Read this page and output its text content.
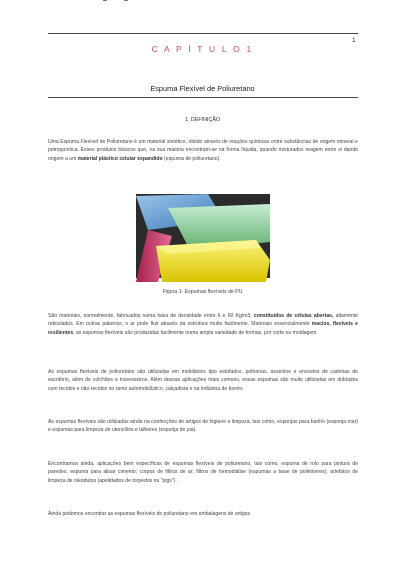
1
C A P Í T U L O 1
Espuma Flexível de Poliuretano
1. DEFINIÇÃO

Uma Espuma Flexível de Poliuretano é um material sintético, obtido através de reações químicas entre substâncias de origem mineral e petroquímica. Esses produtos básicos que, na sua maioria encontram-se na forma líquida, quando misturados reagem entre si dando origem a um material plástico celular expandido (espuma de poliuretano).

Figura 1- Espumas flexíveis de PU

São materiais, normalmente, fabricados numa faixa de densidade entre 6 e 60 Kg/m3, constituídos de células abertas, altamente reticulados. Em outras palavras, o ar pode fluir através da estrutura muito facilmente. Materiais essencialmente macios, flexíveis e resilientes, as espumas flexíveis são produzidas facilmente numa ampla variedade de formas, por corte ou moldagem.

As espumas flexíveis de poliuretano são utilizadas em mobiliários tipo estofados, poltronas, assentos e encostos de cadeiras de escritório, além de colchões e travesseiros. Além dessas aplicações mais comuns, essas espumas são muito utilizadas em dublados com tecidos e não-tecidos no ramo automobilístico, calçadista e na indústria de bonés.

As espumas flexíveis são utilizadas ainda na confecções de artigos de higiene e limpeza, tais como, esponjas para banho (esponja mar) e espumas para limpeza de utensílios e talheres (esponja de pia).

Encontramos ainda, aplicações bem específicas de espumas flexíveis de poliuretano, tais como, espuma de rolo para pintura de paredes; espuma para alisar cimento; corpos de filtros de ar; filtros de hemodiálise (espumas a base de poliésteres); artefatos de limpeza de oleodutos (apelidados de torpedos ou "pigs").

Ainda podemos encontrar as espumas flexíveis de poliuretano em embalagens de artigos
